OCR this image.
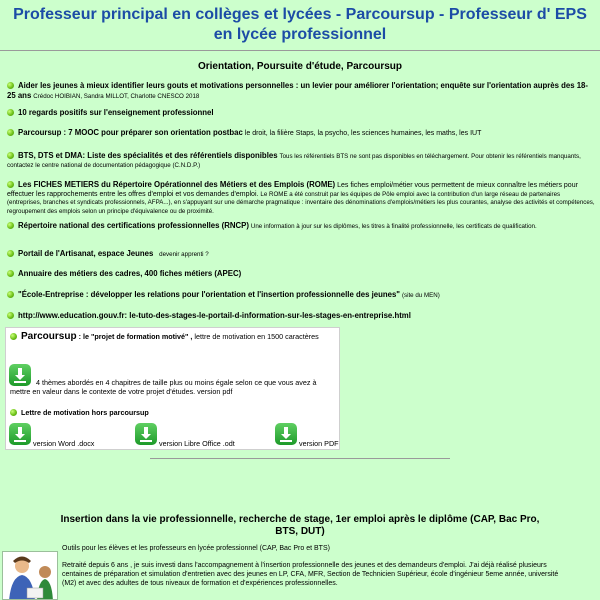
Professeur principal en collèges et lycées - Parcoursup - Professeur d' EPS en lycée professionnel
Orientation, Poursuite d'étude, Parcoursup
Aider les jeunes à mieux identifier leurs gouts et motivations personnelles : un levier pour améliorer l'orientation; enquête sur l'orientation auprès des 18-25 ans Crédoc HOIBIAN, Sandra MILLOT, Charlotte CNESCO 2018
10 regards positifs sur l'enseignement professionnel
Parcoursup : 7 MOOC pour préparer son orientation postbac le droit, la filière Staps, la psycho, les sciences humaines, les maths, les IUT
BTS, DTS et DMA: Liste des spécialités et des référentiels disponibles Tous les référentiels BTS ne sont pas disponibles en téléchargement. Pour obtenir les référentiels manquants, contactez le centre national de documentation pédagogique (C.N.D.P.)
Les FICHES METIERS du Répertoire Opérationnel des Métiers et des Emplois (ROME) Les fiches emploi/métier vous permettent de mieux connaître les métiers pour effectuer les rapprochements entre les offres d'emploi et vos demandes d'emploi. Le ROME a été construit par les équipes de Pôle emploi avec la contribution d'un large réseau de partenaires (entreprises, branches et syndicats professionnels, AFPA...), en s'appuyant sur une démarche pragmatique : inventaire des dénominations d'emplois/métiers les plus courantes, analyse des activités et compétences, regroupement des emplois selon un principe d'équivalence ou de proximité.
Répertoire national des certifications professionnelles (RNCP) Une information à jour sur les diplômes, les titres à finalité professionnelle, les certificats de qualification.
Portail de l'Artisanat, espace Jeunes devenir apprenti ?
Annuaire des métiers des cadres, 400 fiches métiers (APEC)
"École-Entreprise : développer les relations pour l'orientation et l'insertion professionnelle des jeunes" (site du MEN)
http://www.education.gouv.fr: le-tuto-des-stages-le-portail-d-information-sur-les-stages-en-entreprise.html
Parcoursup : le "projet de formation motivé" , lettre de motivation en 1500 caractères
4 thèmes abordés en 4 chapitres de taille plus ou moins égale selon ce que vous avez à mettre en valeur dans le contexte de votre projet d'études. version pdf
Lettre de motivation hors parcoursup
version Word .docx	version Libre Office .odt	version PDF
Insertion dans la vie professionnelle, recherche de stage, 1er emploi après le diplôme (CAP, Bac Pro, BTS, DUT)
Outils pour les élèves et les professeurs en lycée professionnel (CAP, Bac Pro et BTS)
Retraité depuis 6 ans , je suis investi dans l'accompagnement à l'insertion professionnelle des jeunes et des demandeurs d'emploi. J'ai déjà réalisé plusieurs centaines de préparation et simulation d'entretien avec des jeunes en LP, CFA, MFR, Section de Technicien Supérieur, école d'ingénieur 5eme année, université (M2) et avec des adultes de tous niveaux de formation et d'expériences professionnelles.
